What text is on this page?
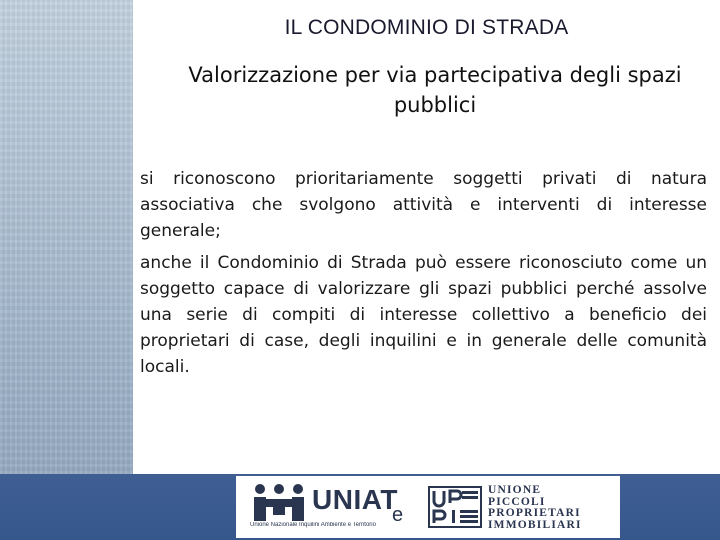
IL CONDOMINIO DI STRADA
Valorizzazione per via partecipativa degli spazi pubblici

si riconoscono prioritariamente soggetti privati di natura associativa che svolgono attività e interventi di interesse generale;

anche il Condominio di Strada può essere riconosciuto come un soggetto capace di valorizzare gli spazi pubblici perché assolve una serie di compiti di interesse collettivo a beneficio dei proprietari di case, degli inquilini e in generale delle comunità locali.

UNIAT
Unione Nazionale Inquilini Ambiente e Territorio e
UNIONE
PICCOLI
PROPRIETARI
IMMOBILIARI
